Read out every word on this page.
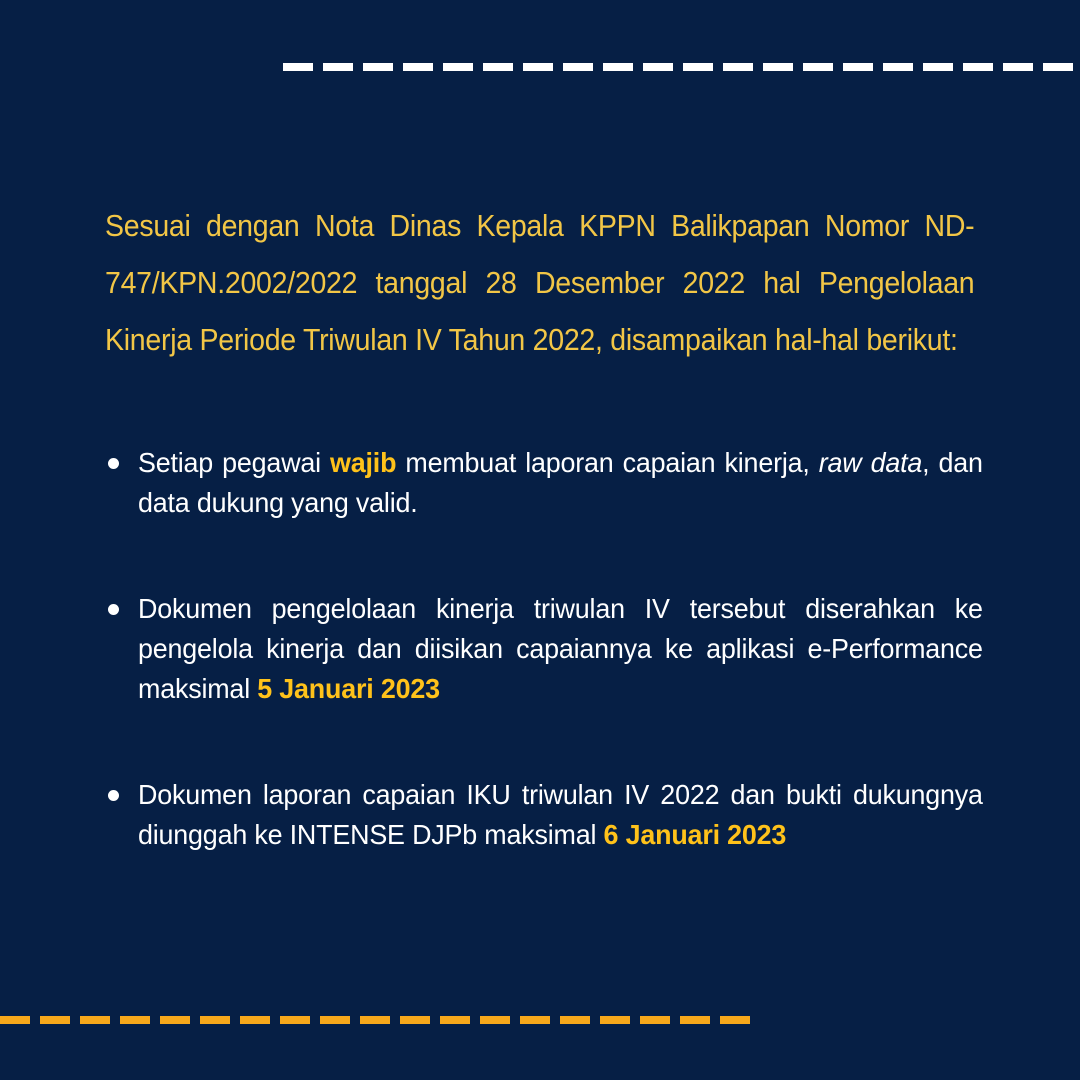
Sesuai dengan Nota Dinas Kepala KPPN Balikpapan Nomor ND-747/KPN.2002/2022 tanggal 28 Desember 2022 hal Pengelolaan Kinerja Periode Triwulan IV Tahun 2022, disampaikan hal-hal berikut:

Setiap pegawai wajib membuat laporan capaian kinerja, raw data, dan data dukung yang valid.
Dokumen pengelolaan kinerja triwulan IV tersebut diserahkan ke pengelola kinerja dan diisikan capaiannya ke aplikasi e-Performance maksimal 5 Januari 2023
Dokumen laporan capaian IKU triwulan IV 2022 dan bukti dukungnya diunggah ke INTENSE DJPb maksimal 6 Januari 2023
